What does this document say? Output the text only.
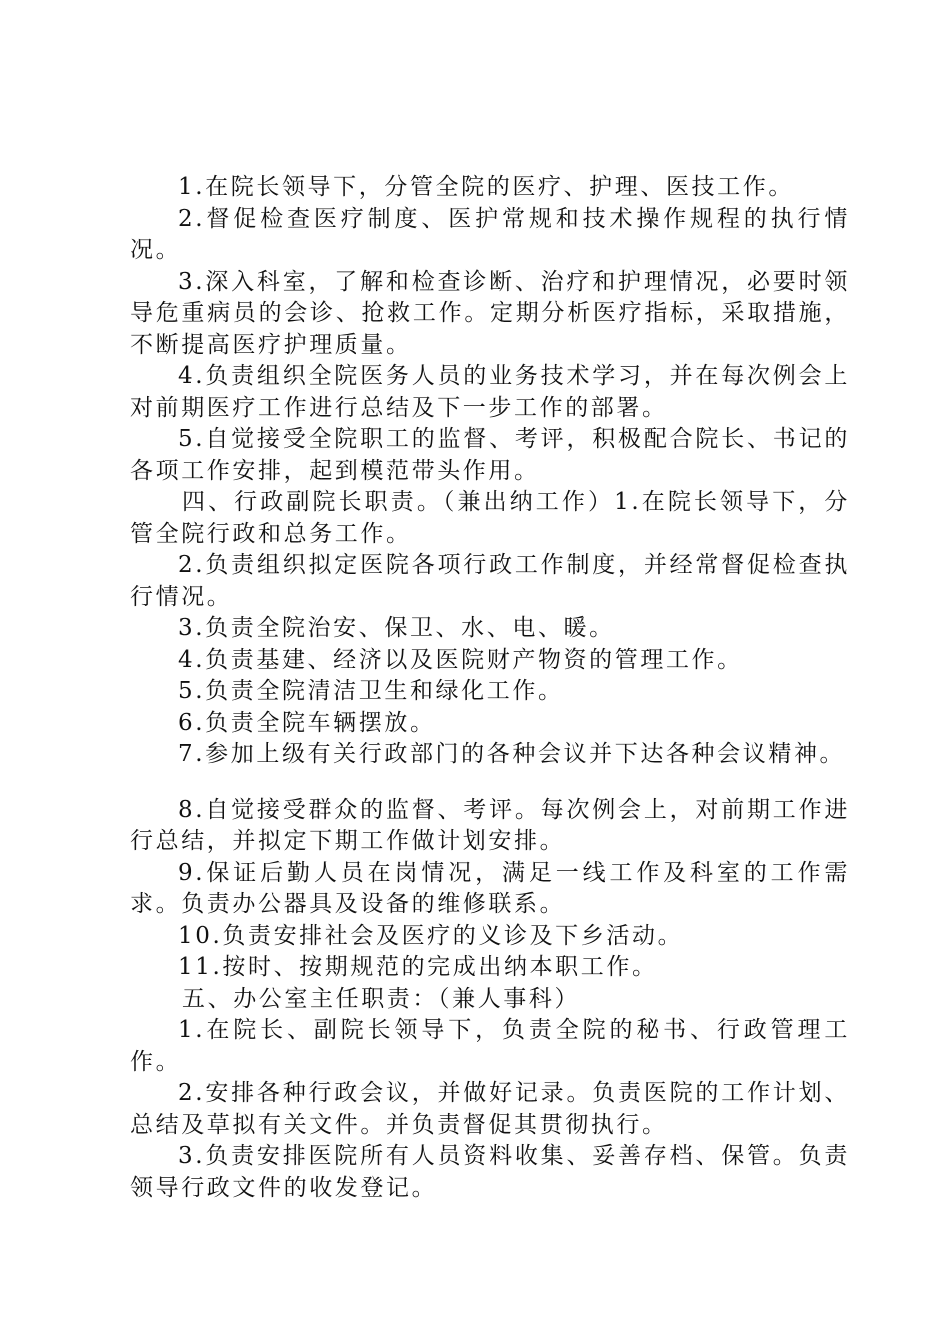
1.在院长领导下，分管全院的医疗、护理、医技工作。

2.督促检查医疗制度、医护常规和技术操作规程的执行情况。

3.深入科室，了解和检查诊断、治疗和护理情况，必要时领导危重病员的会诊、抢救工作。定期分析医疗指标，采取措施，不断提高医疗护理质量。

4.负责组织全院医务人员的业务技术学习，并在每次例会上对前期医疗工作进行总结及下一步工作的部署。

5.自觉接受全院职工的监督、考评，积极配合院长、书记的各项工作安排，起到模范带头作用。

四、行政副院长职责。（兼出纳工作）1.在院长领导下，分管全院行政和总务工作。

2.负责组织拟定医院各项行政工作制度，并经常督促检查执行情况。

3.负责全院治安、保卫、水、电、暖。

4.负责基建、经济以及医院财产物资的管理工作。

5.负责全院清洁卫生和绿化工作。

6.负责全院车辆摆放。

7.参加上级有关行政部门的各种会议并下达各种会议精神。

8.自觉接受群众的监督、考评。每次例会上，对前期工作进行总结，并拟定下期工作做计划安排。

9.保证后勤人员在岗情况，满足一线工作及科室的工作需求。负责办公器具及设备的维修联系。

10.负责安排社会及医疗的义诊及下乡活动。

11.按时、按期规范的完成出纳本职工作。

五、办公室主任职责：（兼人事科）

1.在院长、副院长领导下，负责全院的秘书、行政管理工作。

2.安排各种行政会议，并做好记录。负责医院的工作计划、总结及草拟有关文件。并负责督促其贯彻执行。

3.负责安排医院所有人员资料收集、妥善存档、保管。负责领导行政文件的收发登记。
